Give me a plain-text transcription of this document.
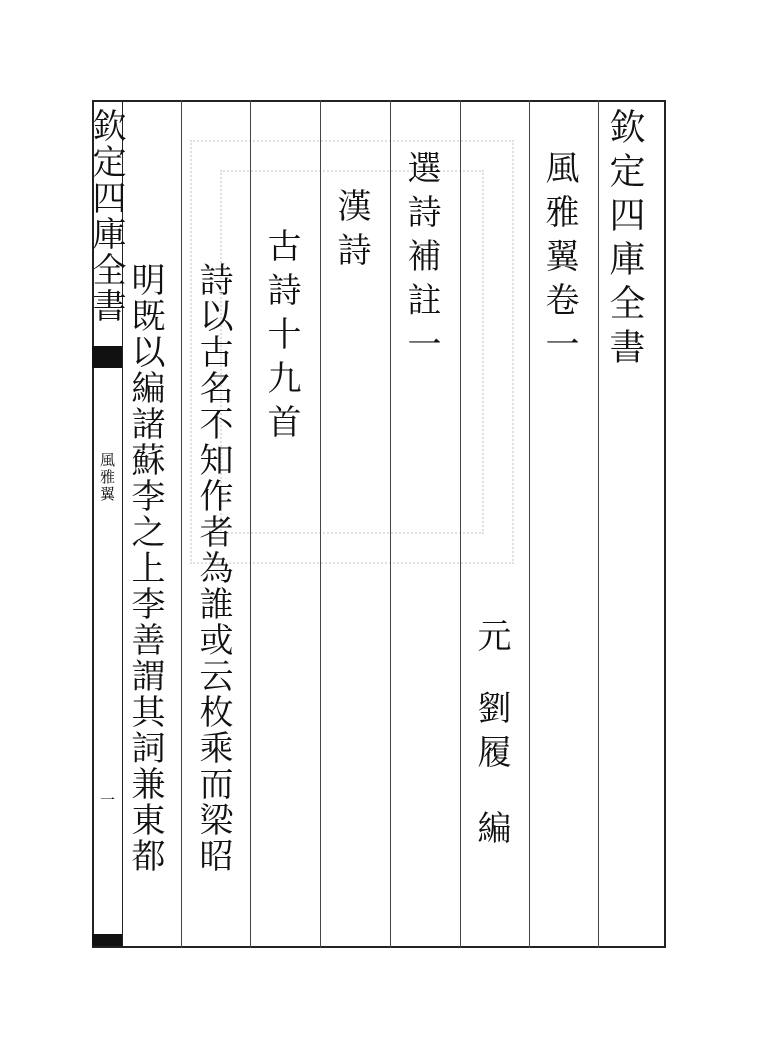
欽定四庫全書
風雅翼卷一
元
劉履
編
選詩補註一
漢詩
古詩十九首
詩以古名不知作者為誰或云枚乘而梁昭
明既以編諸蘇李之上李善謂其詞兼東都
欽定四庫全書
風雅翼
一
